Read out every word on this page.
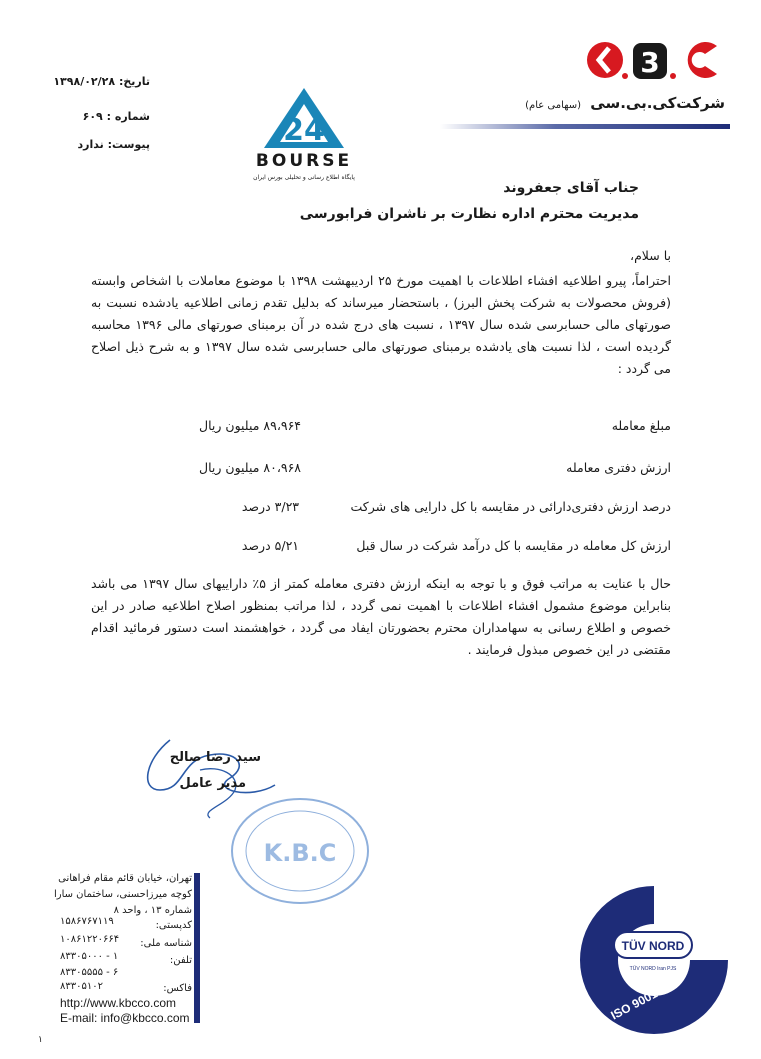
3
K.B.C
شرکت‌کی.بی.سی (سهامی عام)
24
BOURSE
پایگاه اطلاع رسانی و تحلیلی بورس ایران
تاریخ: ۱۳۹۸/۰۲/۲۸
شماره : ۶۰۹
پیوست: ندارد
جناب آقای جعفروند
مدیریت محترم اداره نظارت بر ناشران فرابورسی
با سلام،
احتراماً، پیرو اطلاعیه افشاء اطلاعات با اهمیت مورخ ۲۵ اردیبهشت ۱۳۹۸ با موضوع معاملات با اشخاص وابسته (فروش محصولات به شرکت پخش البرز) ، باستحضار میرساند که بدلیل تقدم زمانی اطلاعیه یادشده نسبت به صورتهای مالی حسابرسی شده سال ۱۳۹۷ ، نسبت های درج شده در آن برمبنای صورتهای مالی ۱۳۹۶ محاسبه گردیده است ، لذا نسبت های یادشده برمبنای صورتهای مالی حسابرسی شده سال ۱۳۹۷ و به شرح ذیل اصلاح می گردد :
مبلغ معامله
۸۹،۹۶۴ میلیون ریال
ارزش دفتری معامله
۸۰،۹۶۸ میلیون ریال
درصد ارزش دفتری‌دارائی در مقایسه با کل دارایی های شرکت
۳/۲۳ درصد
ارزش کل معامله در مقایسه با کل درآمد شرکت در سال قبل
۵/۲۱ درصد
حال با عنایت به مراتب فوق و با توجه به اینکه ارزش دفتری معامله کمتر از ۵٪ داراییهای سال ۱۳۹۷ می باشد بنابراین موضوع مشمول افشاء اطلاعات با اهمیت نمی گردد ، لذا مراتب بمنظور اصلاح اطلاعیه صادر در این خصوص و اطلاع رسانی به سهامداران محترم بحضورتان ایفاد می گردد ، خواهشمند است دستور فرمائید اقدام مقتضی در این خصوص مبذول فرمایند .
سید رضا صالح
مدیر عامل
K.B.C
تهران، خیابان قائم مقام فراهانی
کوچه میرزاحسنی، ساختمان سارا
شماره ۱۳ ، واحد ۸
کدپستی:
۱۵۸۶۷۶۷۱۱۹
شناسه ملی:
۱۰۸۶۱۲۲۰۶۶۴
تلفن:
۸۳۳۰۵۰۰۰ - ۱
۸۳۳۰۵۵۵۵ - ۶
فاکس:
۸۳۳۰۵۱۰۲
http://www.kbcco.com
E-mail: info@kbcco.com
۱
TÜV NORD
TÜV NORD Iran PJS
ISO 9001
